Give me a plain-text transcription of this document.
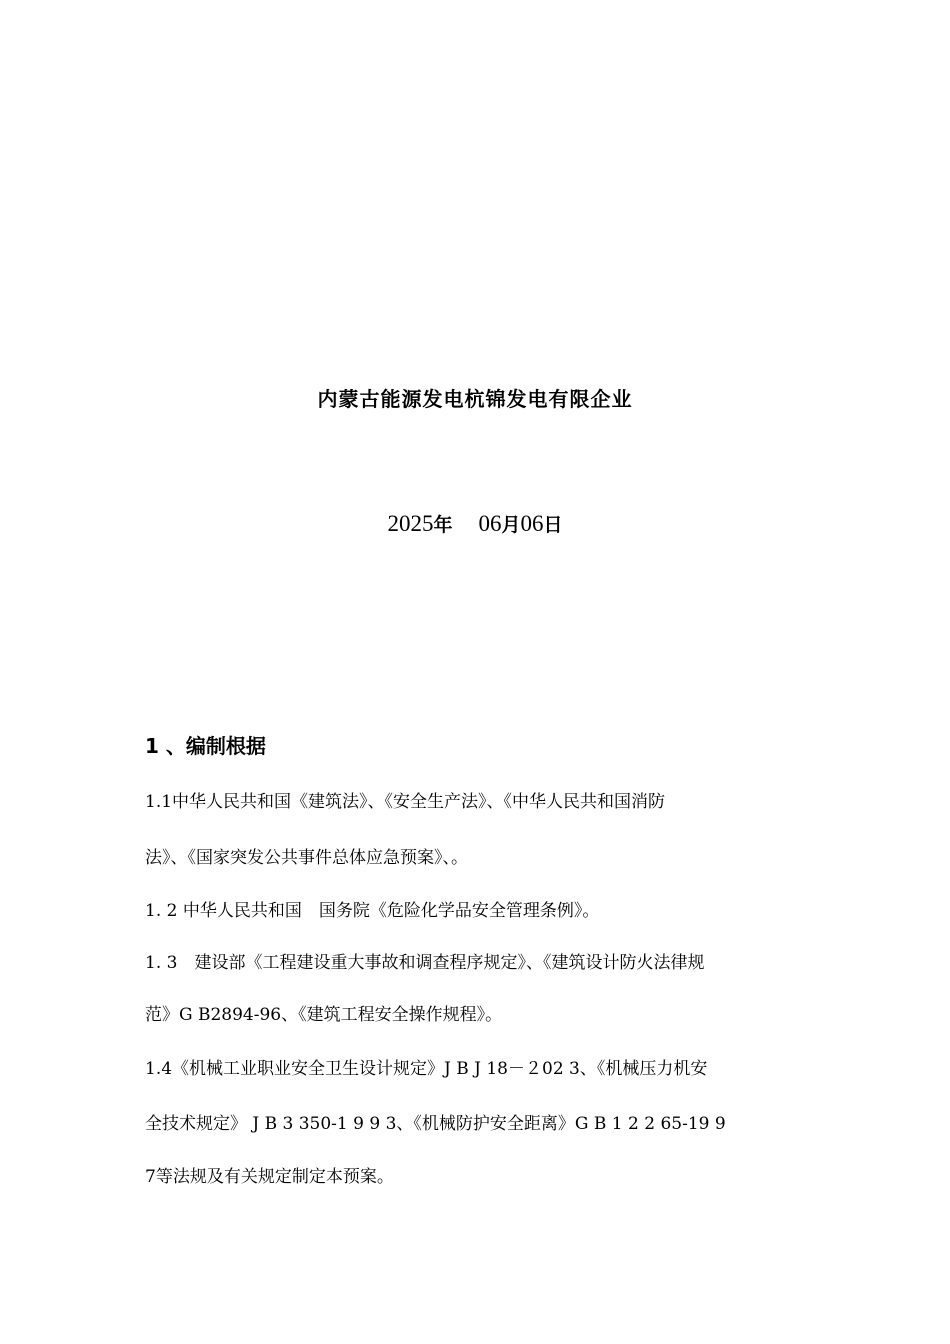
内蒙古能源发电杭锦发电有限企业
2025年 06月06日
1 、编制根据
1.1中华人民共和国《建筑法》、《安全生产法》、《中华人民共和国消防
法》、《国家突发公共事件总体应急预案》、。
1. 2 中华人民共和国　国务院《危险化学品安全管理条例》。
1. 3　建设部《工程建设重大事故和调查程序规定》、《建筑设计防火法律规
范》G B2894-96、《建筑工程安全操作规程》。
1.4《机械工业职业安全卫生设计规定》J B J 18－２02 3、《机械压力机安
全技术规定》 J B 3 350-1 9 9 3、《机械防护安全距离》G B 1 2 2 65-19 9
7等法规及有关规定制定本预案。
